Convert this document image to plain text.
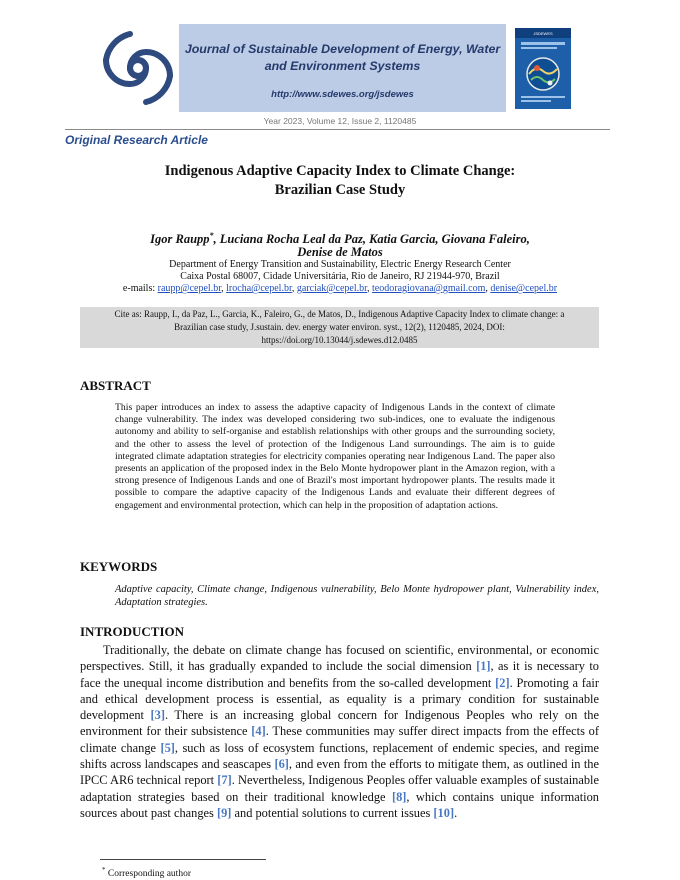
Journal of Sustainable Development of Energy, Water
and Environment Systems
http://www.sdewes.org/jsdewes
JSDEWES
Year 2023, Volume 12, Issue 2, 1120485
Original Research Article
Indigenous Adaptive Capacity Index to Climate Change:
Brazilian Case Study
Igor Raupp*, Luciana Rocha Leal da Paz, Katia Garcia, Giovana Faleiro,
Denise de Matos
Department of Energy Transition and Sustainability, Electric Energy Research Center
Caixa Postal 68007, Cidade Universitária, Rio de Janeiro, RJ 21944-970, Brazil
e-mails: raupp@cepel.br, lrocha@cepel.br, garciak@cepel.br, teodoragiovana@gmail.com, denise@cepel.br
Cite as: Raupp, I., da Paz, L., Garcia, K., Faleiro, G., de Matos, D., Indigenous Adaptive Capacity Index to climate change: a
Brazilian case study, J.sustain. dev. energy water environ. syst., 12(2), 1120485, 2024, DOI:
https://doi.org/10.13044/j.sdewes.d12.0485
ABSTRACT
This paper introduces an index to assess the adaptive capacity of Indigenous Lands in the context of climate change vulnerability. The index was developed considering two sub-indices, one to evaluate the indigenous autonomy and ability to self-organise and establish relationships with other groups and the surrounding society, and the other to assess the level of protection of the Indigenous Land surroundings. The aim is to guide integrated climate adaptation strategies for electricity companies operating near Indigenous Land. The paper also presents an application of the proposed index in the Belo Monte hydropower plant in the Amazon region, with a strong presence of Indigenous Lands and one of Brazil's most important hydropower plants. The results made it possible to compare the adaptive capacity of the Indigenous Lands and evaluate their different degrees of engagement and environmental protection, which can help in the proposition of adaptation actions.
KEYWORDS
Adaptive capacity, Climate change, Indigenous vulnerability, Belo Monte hydropower plant, Vulnerability index, Adaptation strategies.
INTRODUCTION
Traditionally, the debate on climate change has focused on scientific, environmental, or economic perspectives. Still, it has gradually expanded to include the social dimension [1], as it is necessary to face the unequal income distribution and benefits from the so-called development [2]. Promoting a fair and ethical development process is essential, as equality is a primary condition for sustainable development [3]. There is an increasing global concern for Indigenous Peoples who rely on the environment for their subsistence [4]. These communities may suffer direct impacts from the effects of climate change [5], such as loss of ecosystem functions, replacement of endemic species, and regime shifts across landscapes and seascapes [6], and even from the efforts to mitigate them, as outlined in the IPCC AR6 technical report [7]. Nevertheless, Indigenous Peoples offer valuable examples of sustainable adaptation strategies based on their traditional knowledge [8], which contains unique information sources about past changes [9] and potential solutions to current issues [10].
* Corresponding author
